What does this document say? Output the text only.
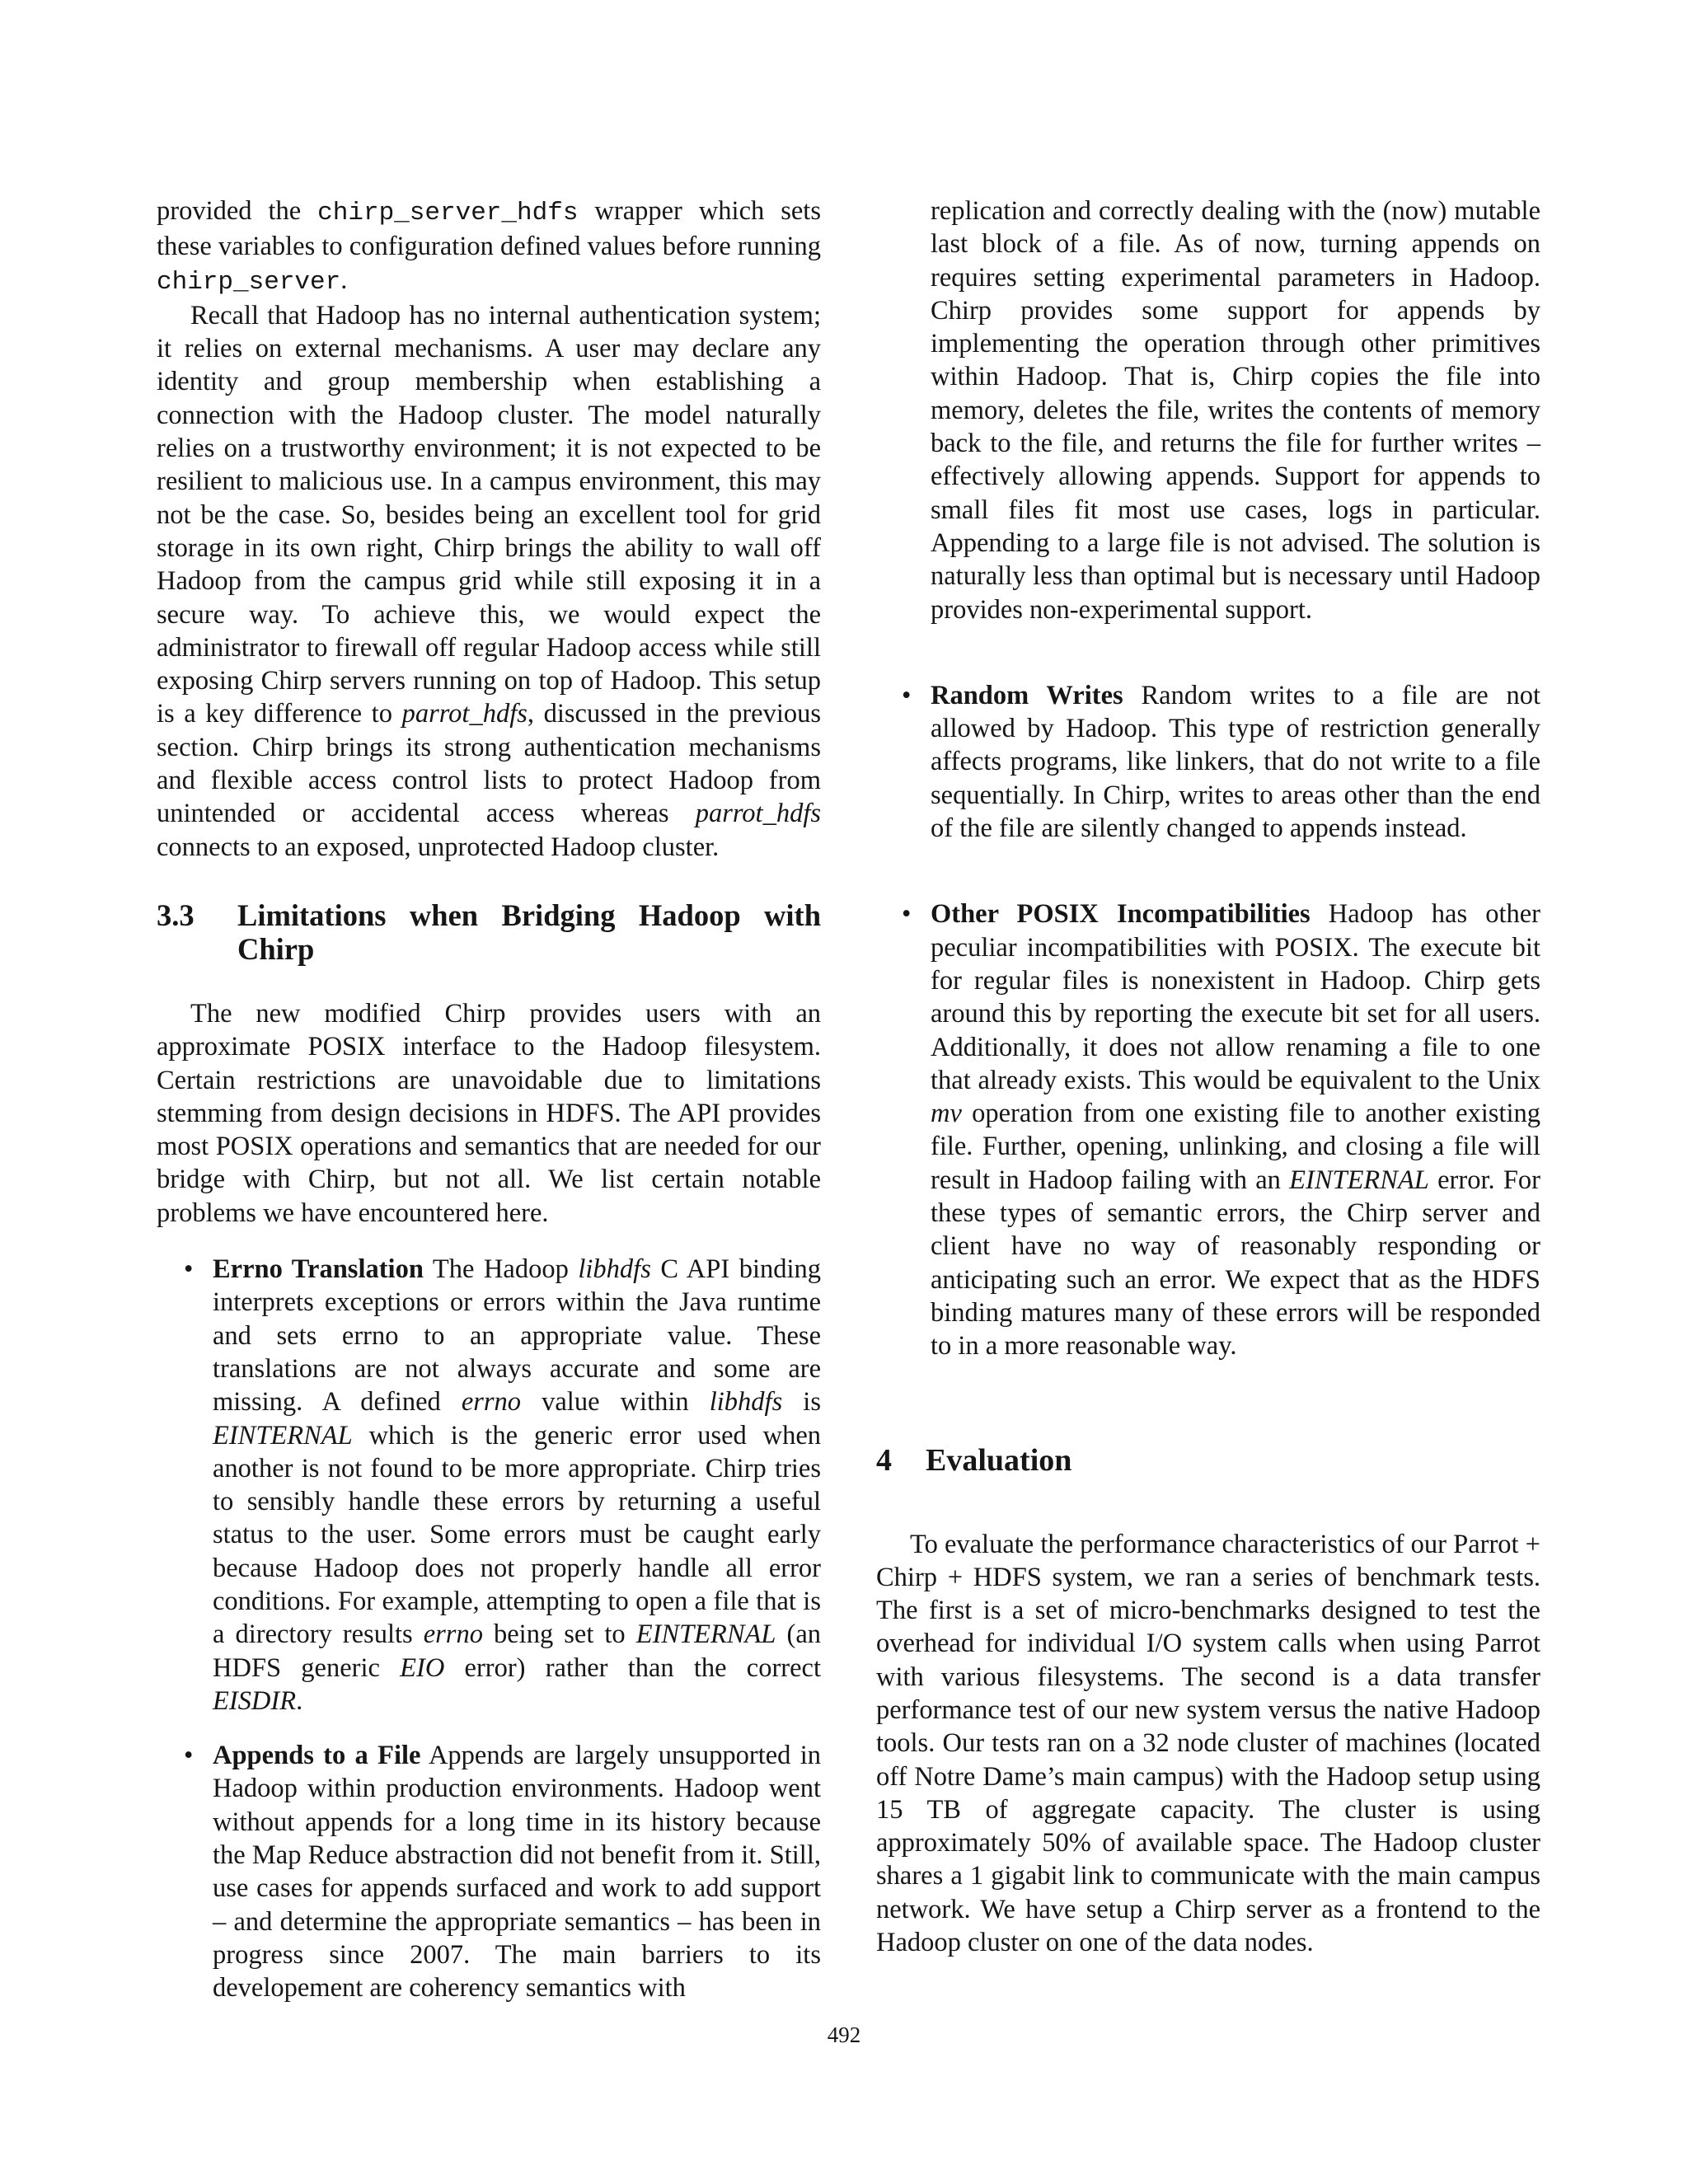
provided the chirp_server_hdfs wrapper which sets these variables to configuration defined values before running chirp_server.

Recall that Hadoop has no internal authentication system; it relies on external mechanisms. A user may declare any identity and group membership when establishing a connection with the Hadoop cluster. The model naturally relies on a trustworthy environment; it is not expected to be resilient to malicious use. In a campus environment, this may not be the case. So, besides being an excellent tool for grid storage in its own right, Chirp brings the ability to wall off Hadoop from the campus grid while still exposing it in a secure way. To achieve this, we would expect the administrator to firewall off regular Hadoop access while still exposing Chirp servers running on top of Hadoop. This setup is a key difference to parrot_hdfs, discussed in the previous section. Chirp brings its strong authentication mechanisms and flexible access control lists to protect Hadoop from unintended or accidental access whereas parrot_hdfs connects to an exposed, unprotected Hadoop cluster.

3.3	Limitations when Bridging Hadoop with Chirp

The new modified Chirp provides users with an approximate POSIX interface to the Hadoop filesystem. Certain restrictions are unavoidable due to limitations stemming from design decisions in HDFS. The API provides most POSIX operations and semantics that are needed for our bridge with Chirp, but not all. We list certain notable problems we have encountered here.

• Errno Translation The Hadoop libhdfs C API binding interprets exceptions or errors within the Java runtime and sets errno to an appropriate value. These translations are not always accurate and some are missing. A defined errno value within libhdfs is EINTERNAL which is the generic error used when another is not found to be more appropriate. Chirp tries to sensibly handle these errors by returning a useful status to the user. Some errors must be caught early because Hadoop does not properly handle all error conditions. For example, attempting to open a file that is a directory results errno being set to EINTERNAL (an HDFS generic EIO error) rather than the correct EISDIR.
• Appends to a File Appends are largely unsupported in Hadoop within production environments. Hadoop went without appends for a long time in its history because the Map Reduce abstraction did not benefit from it. Still, use cases for appends surfaced and work to add support – and determine the appropriate semantics – has been in progress since 2007. The main barriers to its developement are coherency semantics with
replication and correctly dealing with the (now) mutable last block of a file. As of now, turning appends on requires setting experimental parameters in Hadoop. Chirp provides some support for appends by implementing the operation through other primitives within Hadoop. That is, Chirp copies the file into memory, deletes the file, writes the contents of memory back to the file, and returns the file for further writes – effectively allowing appends. Support for appends to small files fit most use cases, logs in particular. Appending to a large file is not advised. The solution is naturally less than optimal but is necessary until Hadoop provides non-experimental support.
• Random Writes Random writes to a file are not allowed by Hadoop. This type of restriction generally affects programs, like linkers, that do not write to a file sequentially. In Chirp, writes to areas other than the end of the file are silently changed to appends instead.
• Other POSIX Incompatibilities Hadoop has other peculiar incompatibilities with POSIX. The execute bit for regular files is nonexistent in Hadoop. Chirp gets around this by reporting the execute bit set for all users. Additionally, it does not allow renaming a file to one that already exists. This would be equivalent to the Unix mv operation from one existing file to another existing file. Further, opening, unlinking, and closing a file will result in Hadoop failing with an EINTERNAL error. For these types of semantic errors, the Chirp server and client have no way of reasonably responding or anticipating such an error. We expect that as the HDFS binding matures many of these errors will be responded to in a more reasonable way.
4	Evaluation

To evaluate the performance characteristics of our Parrot + Chirp + HDFS system, we ran a series of benchmark tests. The first is a set of micro-benchmarks designed to test the overhead for individual I/O system calls when using Parrot with various filesystems. The second is a data transfer performance test of our new system versus the native Hadoop tools. Our tests ran on a 32 node cluster of machines (located off Notre Dame’s main campus) with the Hadoop setup using 15 TB of aggregate capacity. The cluster is using approximately 50% of available space. The Hadoop cluster shares a 1 gigabit link to communicate with the main campus network. We have setup a Chirp server as a frontend to the Hadoop cluster on one of the data nodes.

492
